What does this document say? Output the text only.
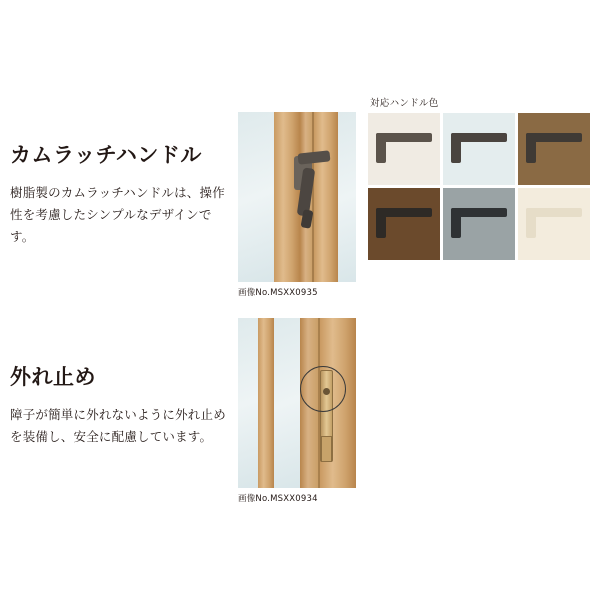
カムラッチハンドル

樹脂製のカムラッチハンドルは、操作性を考慮したシンプルなデザインです。

対応ハンドル色
画像No.MSXX0935
外れ止め

障子が簡単に外れないように外れ止めを装備し、安全に配慮しています。

画像No.MSXX0934
